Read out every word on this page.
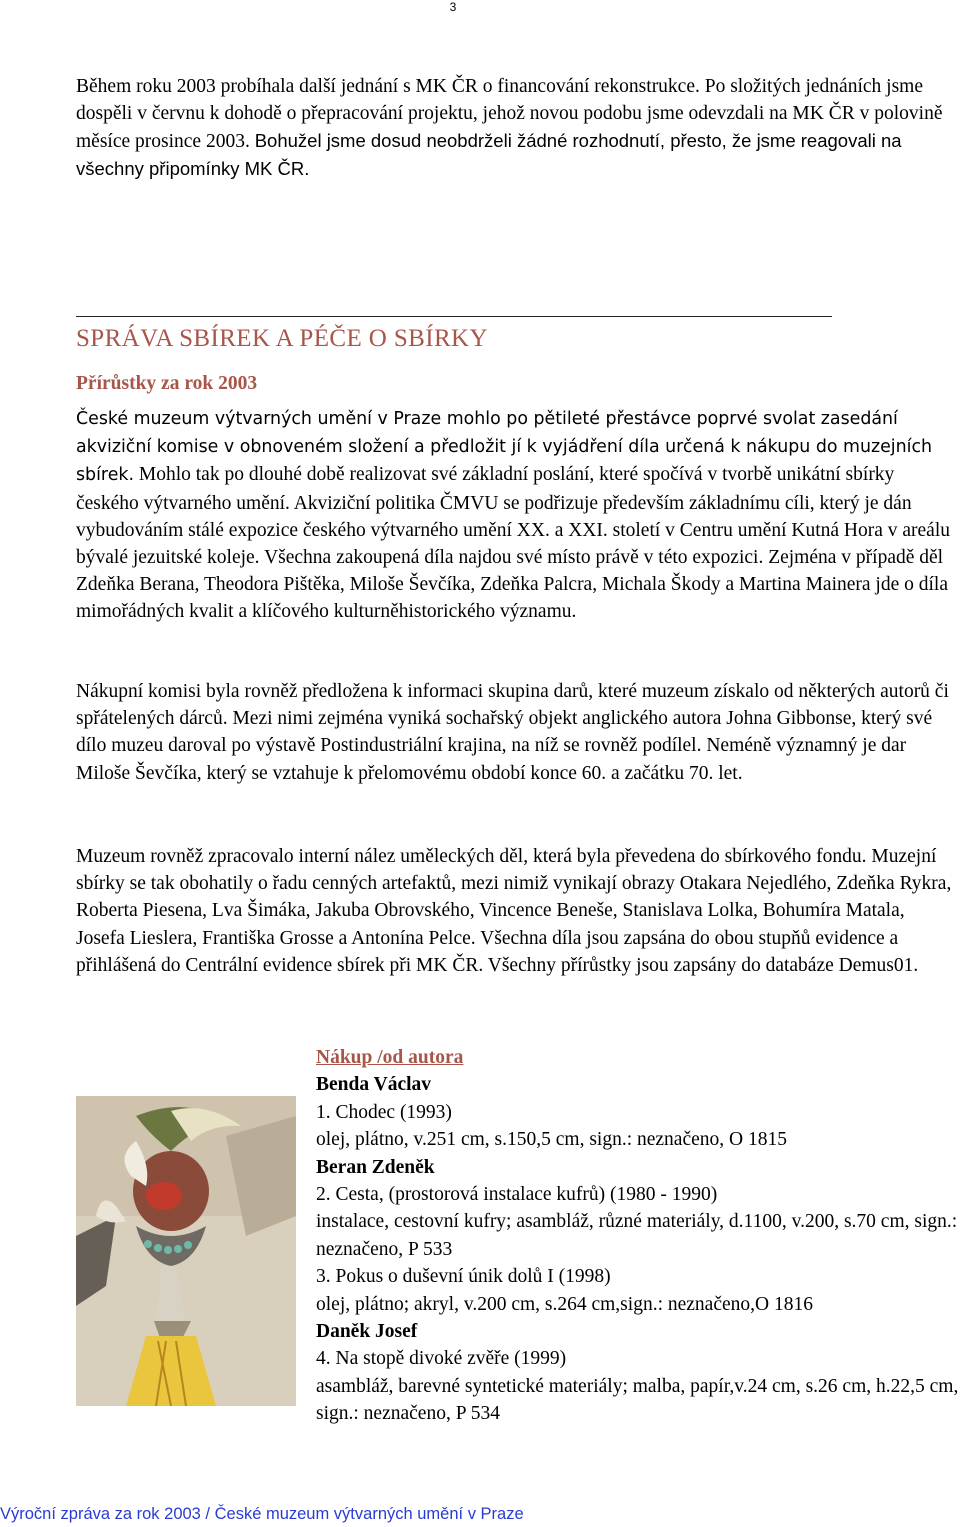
3

Během roku 2003 probíhala další jednání s MK ČR o financování rekonstrukce. Po složitých jednáních jsme dospěli v červnu k dohodě o přepracování projektu, jehož novou podobu jsme odevzdali na MK ČR v polovině měsíce prosince 2003. Bohužel jsme dosud neobdrželi žádné rozhodnutí, přesto, že jsme reagovali na všechny připomínky MK ČR.

SPRÁVA SBÍREK A PÉČE O SBÍRKY
Přírůstky za rok 2003

České muzeum výtvarných umění v Praze mohlo po pětileté přestávce poprvé svolat zasedání akviziční komise v obnoveném složení a předložit jí k vyjádření díla určená k nákupu do muzejních sbírek. Mohlo tak po dlouhé době realizovat své základní poslání, které spočívá v tvorbě unikátní sbírky českého výtvarného umění. Akviziční politika ČMVU se podřizuje především základnímu cíli, který je dán vybudováním stálé expozice českého výtvarného umění XX. a XXI. století v Centru umění Kutná Hora v areálu bývalé jezuitské koleje. Všechna zakoupená díla najdou své místo právě v této expozici. Zejména v případě děl Zdeňka Berana, Theodora Pištěka, Miloše Ševčíka, Zdeňka Palcra, Michala Škody a Martina Mainera jde o díla mimořádných kvalit a klíčového kulturněhistorického významu.

Nákupní komisi byla rovněž předložena k informaci skupina darů, které muzeum získalo od některých autorů či spřátelených dárců. Mezi nimi zejména vyniká sochařský objekt anglického autora Johna Gibbonse, který své dílo muzeu daroval po výstavě Postindustriální krajina, na níž se rovněž podílel. Neméně významný je dar Miloše Ševčíka, který se vztahuje k přelomovému období konce 60. a začátku 70. let.

Muzeum rovněž zpracovalo interní nález uměleckých děl, která byla převedena do sbírkového fondu. Muzejní sbírky se tak obohatily o řadu cenných artefaktů, mezi nimiž vynikají obrazy Otakara Nejedlého, Zdeňka Rykra, Roberta Piesena, Lva Šimáka, Jakuba Obrovského, Vincence Beneše, Stanislava Lolka, Bohumíra Matala, Josefa Lieslera, Františka Grosse a Antonína Pelce. Všechna díla jsou zapsána do obou stupňů evidence a přihlášená do Centrální evidence sbírek při MK ČR. Všechny přírůstky jsou zapsány do databáze Demus01.

Nákup /od autora
Benda Václav
1. Chodec (1993)
olej, plátno, v.251 cm, s.150,5 cm, sign.: neznačeno, O 1815
Beran Zdeněk
2. Cesta, (prostorová instalace kufrů) (1980 - 1990)
instalace, cestovní kufry; asambláž, různé materiály, d.1100, v.200, s.70 cm, sign.: neznačeno, P 533
3. Pokus o duševní únik dolů I (1998)
olej, plátno; akryl, v.200 cm, s.264 cm,sign.: neznačeno,O 1816
Daněk Josef
4. Na stopě divoké zvěře (1999)
asambláž, barevné syntetické materiály; malba, papír,v.24 cm, s.26 cm, h.22,5 cm, sign.: neznačeno, P 534

Výroční zpráva za rok 2003 / České muzeum výtvarných umění v Praze
